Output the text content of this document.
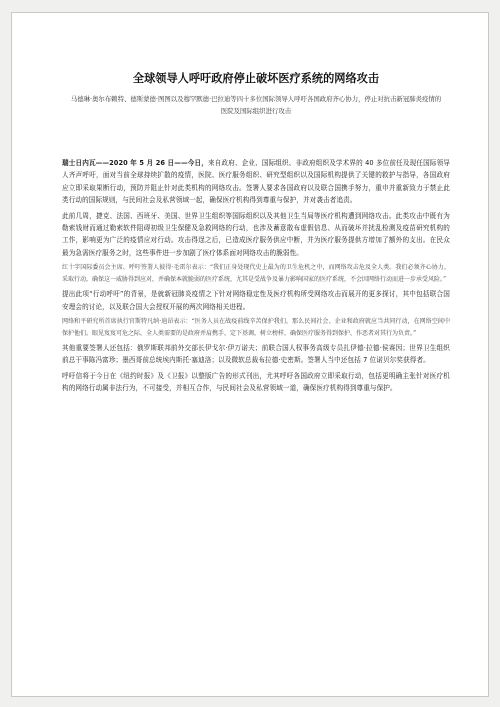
全球领导人呼吁政府停止破坏医疗系统的网络攻击

马德琳·奥尔布赖特、德斯蒙德·图图以及穆罕默德·巴拉迪等四十多位国际领导人呼吁各国政府齐心协力，停止对抗击新冠肺炎疫情的医院及国际组织进行攻击

瑞士日内瓦——2020 年 5 月 26 日——今日，来自政府、企业、国际组织、非政府组织及学术界的 40 多位前任及现任国际领导人齐声呼吁，面对当前全球持续扩散的疫情，医院、医疗服务组织、研究型组织以及国际机构提供了关键的救护与指导，各国政府应立即采取果断行动，预防并阻止针对此类机构的网络攻击。签署人要求各国政府以及联合国携手努力，重申并重新致力于禁止此类行动的国际规则，与民间社会及私营领域一起，确保医疗机构得到尊重与保护，并对袭击者追责。

此前几周，捷克、法国、西班牙、美国、世界卫生组织等国际组织以及其他卫生当局等医疗机构遭到网络攻击。此类攻击中既有为勒索钱财而通过勒索软件阻碍初级卫生保健及急救网络的行动，也涉及蓄意散布虚假信息、从而破坏并扰乱检测及疫苗研究机构的工作，影响更为广泛的疫情应对行动。攻击得逞之后，已造成医疗服务供应中断，并为医疗服务提供方增加了额外的支出。在民众最为急需医疗服务之时，这些事件进一步加剧了医疗体系面对网络攻击的脆弱性。

红十字国际委员会主席、呼吁签署人彼得·毛雷尔表示：“我们正身处现代史上最为的卫生危机之中，而网络攻击危及全人类。我们必须齐心协力，采取行动，确保这一威胁得到应对，并确保本就脆弱的医疗系统，尤其是受战争及暴力影响国家的医疗系统，不会因网络行动而进一步承受风险。”

提出此项“行动呼吁”的背景，是就新冠肺炎疫情之下针对网络稳定性及医疗机构所受网络攻击而展开的更多探讨，其中包括联合国安理会的讨论，以及联合国大会授权开展的两次网络相关进程。

网络和平研究所首席执行官斯特凡纳·迪昂表示：“医务人员在战疫前线辛苦保护我们，那么民间社会、企业和政府就应当共同行动，在网络空间中保护他们。眼见岌岌可危之际，全人类需要的是政府并肩携手，定下基调，树立榜样，确保医疗服务得到保护，作恶者对其行为负责。”

其他重要签署人还包括：俄罗斯联邦前外交部长伊戈尔·伊万诺夫；前联合国人权事务高级专员扎伊德·拉德·侯赛因；世界卫生组织前总干事陈冯富珍；墨西哥前总统埃内斯托·塞迪洛；以及微软总裁布拉德·史密斯。签署人当中还包括 7 位诺贝尔奖获得者。

呼吁信将于今日在《纽约时报》及《卫报》以整版广告的形式刊出，尤其呼吁各国政府立即采取行动，包括更明确主张针对医疗机构的网络行动属非法行为，不可接受，并相互合作，与民间社会及私营领域一道，确保医疗机构得到尊重与保护。
